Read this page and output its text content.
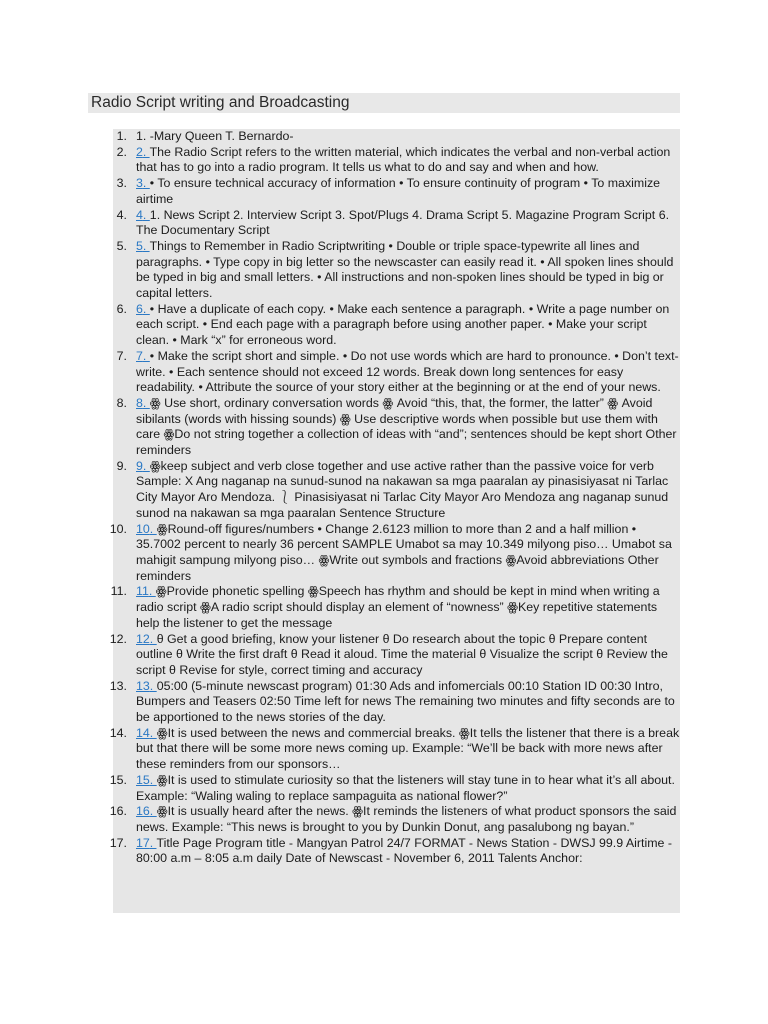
Radio Script writing and Broadcasting
1 . 1. -Mary Queen T. Bernardo-
2 . 2 . The Radio Script refers to the written material, which indicates the verbal and non-verbal action that has to go into a radio program. It tells us what to do and say and when and how.
3 . 3 . • To ensure technical accuracy of information • To ensure continuity of program • To maximize airtime
4 . 4 . 1. News Script 2. Interview Script 3. Spot/Plugs 4. Drama Script 5. Magazine Program Script 6. The Documentary Script
5 . 5 . Things to Remember in Radio Scriptwriting • Double or triple space-typewrite all lines and paragraphs. • Type copy in big letter so the newscaster can easily read it. • All spoken lines should be typed in big and small letters. • All instructions and non-spoken lines should be typed in big or capital letters.
6 . 6 . • Have a duplicate of each copy. • Make each sentence a paragraph. • Write a page number on each script. • End each page with a paragraph before using another paper. • Make your script clean. • Mark “x” for erroneous word.
7 . 7 . • Make the script short and simple. • Do not use words which are hard to pronounce. • Don’t text-write. • Each sentence should not exceed 12 words. Break down long sentences for easy readability. • Attribute the source of your story either at the beginning or at the end of your news.
8 . 8 . ꙮ Use short, ordinary conversation words ꙮ Avoid “this, that, the former, the latter” ꙮ Avoid sibilants (words with hissing sounds) ꙮ Use descriptive words when possible but use them with care ꙮDo not string together a collection of ideas with “and”; sentences should be kept short Other reminders
9 . 9 . ꙮkeep subject and verb close together and use active rather than the passive voice for verb Sample: X Ang naganap na sunud-sunod na nakawan sa mga paaralan ay pinasisiyasat ni Tarlac City Mayor Aro Mendoza. ⎱ Pinasisiyasat ni Tarlac City Mayor Aro Mendoza ang naganap sunud sunod na nakawan sa mga paaralan Sentence Structure
10 . 10 . ꙮRound-off figures/numbers • Change 2.6123 million to more than 2 and a half million • 35.7002 percent to nearly 36 percent SAMPLE Umabot sa may 10.349 milyong piso… Umabot sa mahigit sampung milyong piso… ꙮWrite out symbols and fractions ꙮAvoid abbreviations Other reminders
11 . 11 . ꙮProvide phonetic spelling ꙮSpeech has rhythm and should be kept in mind when writing a radio script ꙮA radio script should display an element of “nowness” ꙮKey repetitive statements help the listener to get the message
12 . 12 . θ Get a good briefing, know your listener θ Do research about the topic θ Prepare content outline θ Write the first draft θ Read it aloud. Time the material θ Visualize the script θ Review the script θ Revise for style, correct timing and accuracy
13 . 13 . 05:00 (5-minute newscast program) 01:30 Ads and infomercials 00:10 Station ID 00:30 Intro, Bumpers and Teasers 02:50 Time left for news The remaining two minutes and fifty seconds are to be apportioned to the news stories of the day.
14 . 14 . ꙮIt is used between the news and commercial breaks. ꙮIt tells the listener that there is a break but that there will be some more news coming up. Example: “We’ll be back with more news after these reminders from our sponsors…
15 . 15 . ꙮIt is used to stimulate curiosity so that the listeners will stay tune in to hear what it’s all about. Example: “Waling waling to replace sampaguita as national flower?”
16 . 16 . ꙮIt is usually heard after the news. ꙮIt reminds the listeners of what product sponsors the said news. Example: “This news is brought to you by Dunkin Donut, ang pasalubong ng bayan.”
17 . 17 . Title Page Program title - Mangyan Patrol 24/7 FORMAT - News Station - DWSJ 99.9 Airtime - 80:00 a.m – 8:05 a.m daily Date of Newscast - November 6, 2011 Talents Anchor:
